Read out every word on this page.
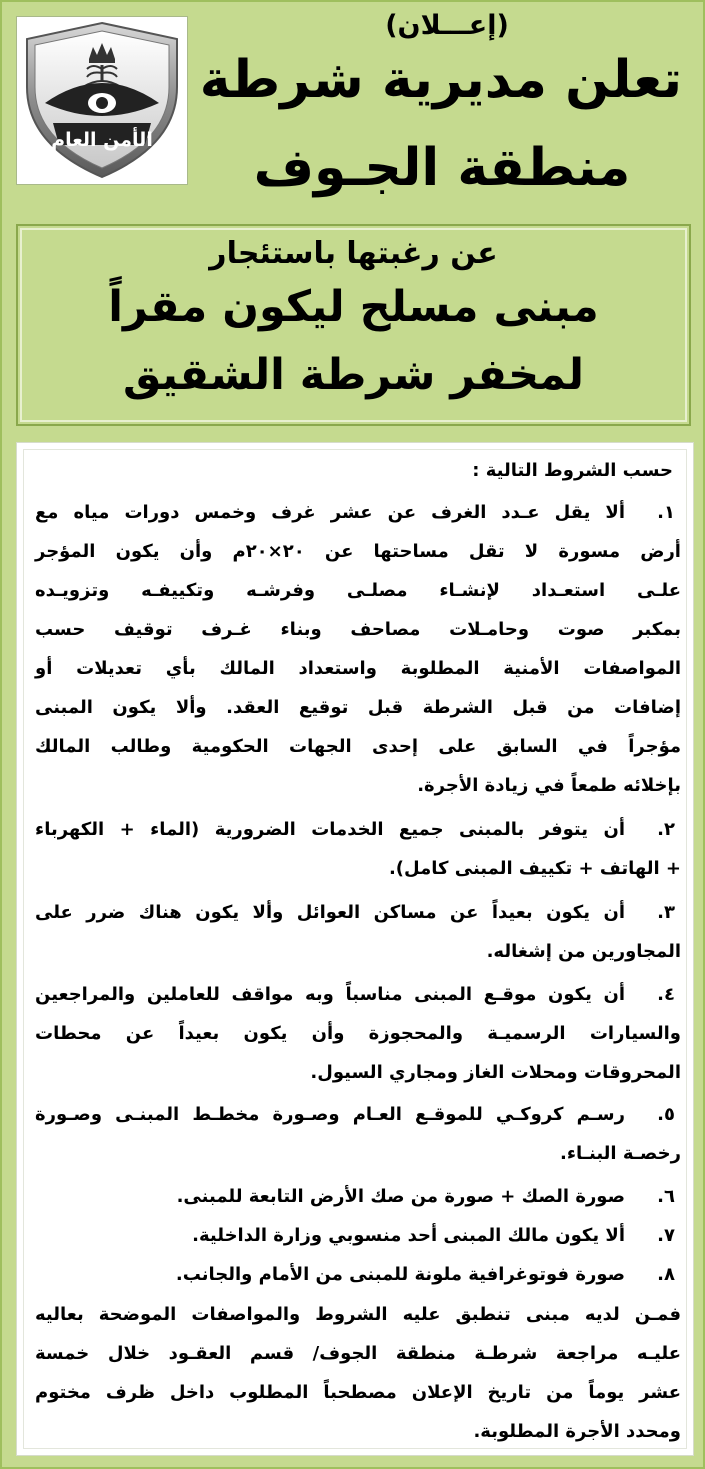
الأمن العام
(إعـــلان)
تعلن مديرية شرطة
منطقة الجـوف
عن رغبتها باستئجار
مبنى مسلح ليكون مقراً
لمخفر شرطة الشقيق
حسب الشروط التالية :
١.
ألا يقل عـدد الغرف عن عشر غرف وخمس دورات مياه مع
أرض مسورة لا تقل مساحتها عن ٢٠×٢٠م وأن يكون المؤجر
علـى استعـداد لإنشـاء مصلـى وفرشـه وتكييفـه وتزويـده
بمكبر صوت وحامـلات مصاحف وبناء غـرف توقيف حسب
المواصفات الأمنية المطلوبة واستعداد المالك بأي تعديلات أو
إضافات من قبل الشرطة قبل توقيع العقد. وألا يكون المبنى
مؤجراً في السابق على إحدى الجهات الحكومية وطالب المالك
بإخلائه طمعاً في زيادة الأجرة.
٢.
أن يتوفر بالمبنى جميع الخدمات الضرورية (الماء + الكهرباء
+ الهاتف + تكييف المبنى كامل).
٣.
أن يكون بعيداً عن مساكن العوائل وألا يكون هناك ضرر على
المجاورين من إشغاله.
٤.
أن يكون موقـع المبنى مناسباً وبه مواقف للعاملين والمراجعين
والسيارات الرسميـة والمحجوزة وأن يكون بعيداً عن محطات
المحروقات ومحلات الغاز ومجاري السيول.
٥.
رسـم كروكـي للموقـع العـام وصـورة مخطـط المبنـى وصـورة
رخصـة البنـاء.
٦.
صورة الصك + صورة من صك الأرض التابعة للمبنى.
٧.
ألا يكون مالك المبنى أحد منسوبي وزارة الداخلية.
٨.
صورة فوتوغرافية ملونة للمبنى من الأمام والجانب.
فمـن لديه مبنى تنطبق عليه الشروط والمواصفات الموضحة بعاليه
عليـه مراجعة شرطـة منطقة الجوف/ قسم العقـود خلال خمسة
عشر يوماً من تاريخ الإعلان مصطحباً المطلوب داخل ظرف مختوم
ومحدد الأجرة المطلوبة.
